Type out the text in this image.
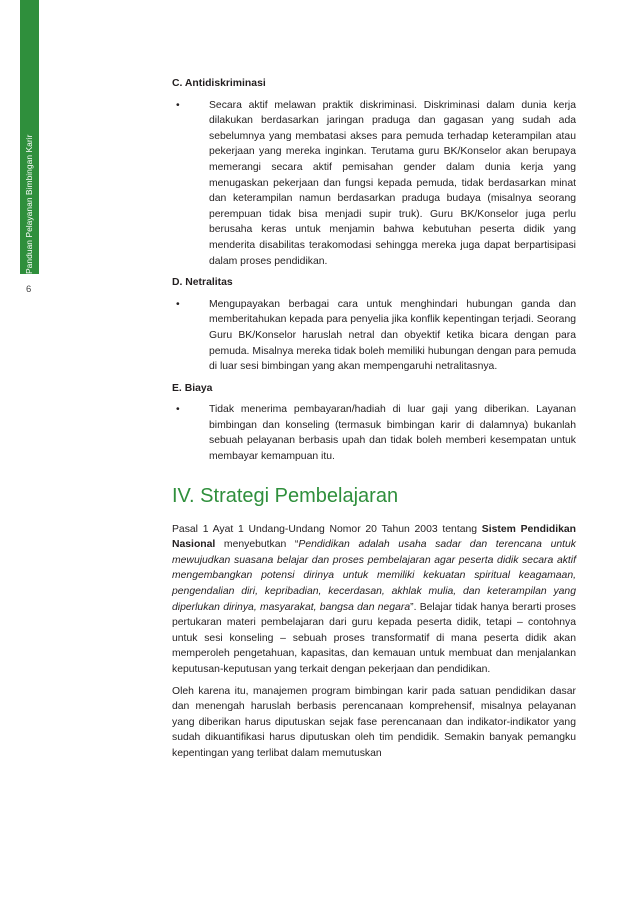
Panduan Pelayanan Bimbingan Karir
6
C. Antidiskriminasi
•	Secara aktif melawan praktik diskriminasi. Diskriminasi dalam dunia kerja dilakukan berdasarkan jaringan praduga dan gagasan yang sudah ada sebelumnya yang membatasi akses para pemuda terhadap keterampilan atau pekerjaan yang mereka inginkan. Terutama guru BK/Konselor akan berupaya memerangi secara aktif pemisahan gender dalam dunia kerja yang menugaskan pekerjaan dan fungsi kepada pemuda, tidak berdasarkan minat dan keterampilan namun berdasarkan praduga budaya (misalnya seorang perempuan tidak bisa menjadi supir truk). Guru BK/Konselor juga perlu berusaha keras untuk menjamin bahwa kebutuhan peserta didik yang menderita disabilitas terakomodasi sehingga mereka juga dapat berpartisipasi dalam proses pendidikan.
D. Netralitas
•	Mengupayakan berbagai cara untuk menghindari hubungan ganda dan memberitahukan kepada para penyelia jika konflik kepentingan terjadi. Seorang Guru BK/Konselor haruslah netral dan obyektif ketika bicara dengan para pemuda. Misalnya mereka tidak boleh memiliki hubungan dengan para pemuda di luar sesi bimbingan yang akan mempengaruhi netralitasnya.
E. Biaya
•	Tidak menerima pembayaran/hadiah di luar gaji yang diberikan. Layanan bimbingan dan konseling (termasuk bimbingan karir di dalamnya) bukanlah sebuah pelayanan berbasis upah dan tidak boleh memberi kesempatan untuk membayar kemampuan itu.
IV. Strategi Pembelajaran

Pasal 1 Ayat 1 Undang-Undang Nomor 20 Tahun 2003 tentang Sistem Pendidikan Nasional menyebutkan “Pendidikan adalah usaha sadar dan terencana untuk mewujudkan suasana belajar dan proses pembelajaran agar peserta didik secara aktif mengembangkan potensi dirinya untuk memiliki kekuatan spiritual keagamaan, pengendalian diri, kepribadian, kecerdasan, akhlak mulia, dan keterampilan yang diperlukan dirinya, masyarakat, bangsa dan negara”. Belajar tidak hanya berarti proses pertukaran materi pembelajaran dari guru kepada peserta didik, tetapi – contohnya untuk sesi konseling – sebuah proses transformatif di mana peserta didik akan memperoleh pengetahuan, kapasitas, dan kemauan untuk membuat dan menjalankan keputusan-keputusan yang terkait dengan pekerjaan dan pendidikan.

Oleh karena itu, manajemen program bimbingan karir pada satuan pendidikan dasar dan menengah haruslah berbasis perencanaan komprehensif, misalnya pelayanan yang diberikan harus diputuskan sejak fase perencanaan dan indikator-indikator yang sudah dikuantifikasi harus diputuskan oleh tim pendidik. Semakin banyak pemangku kepentingan yang terlibat dalam memutuskan
